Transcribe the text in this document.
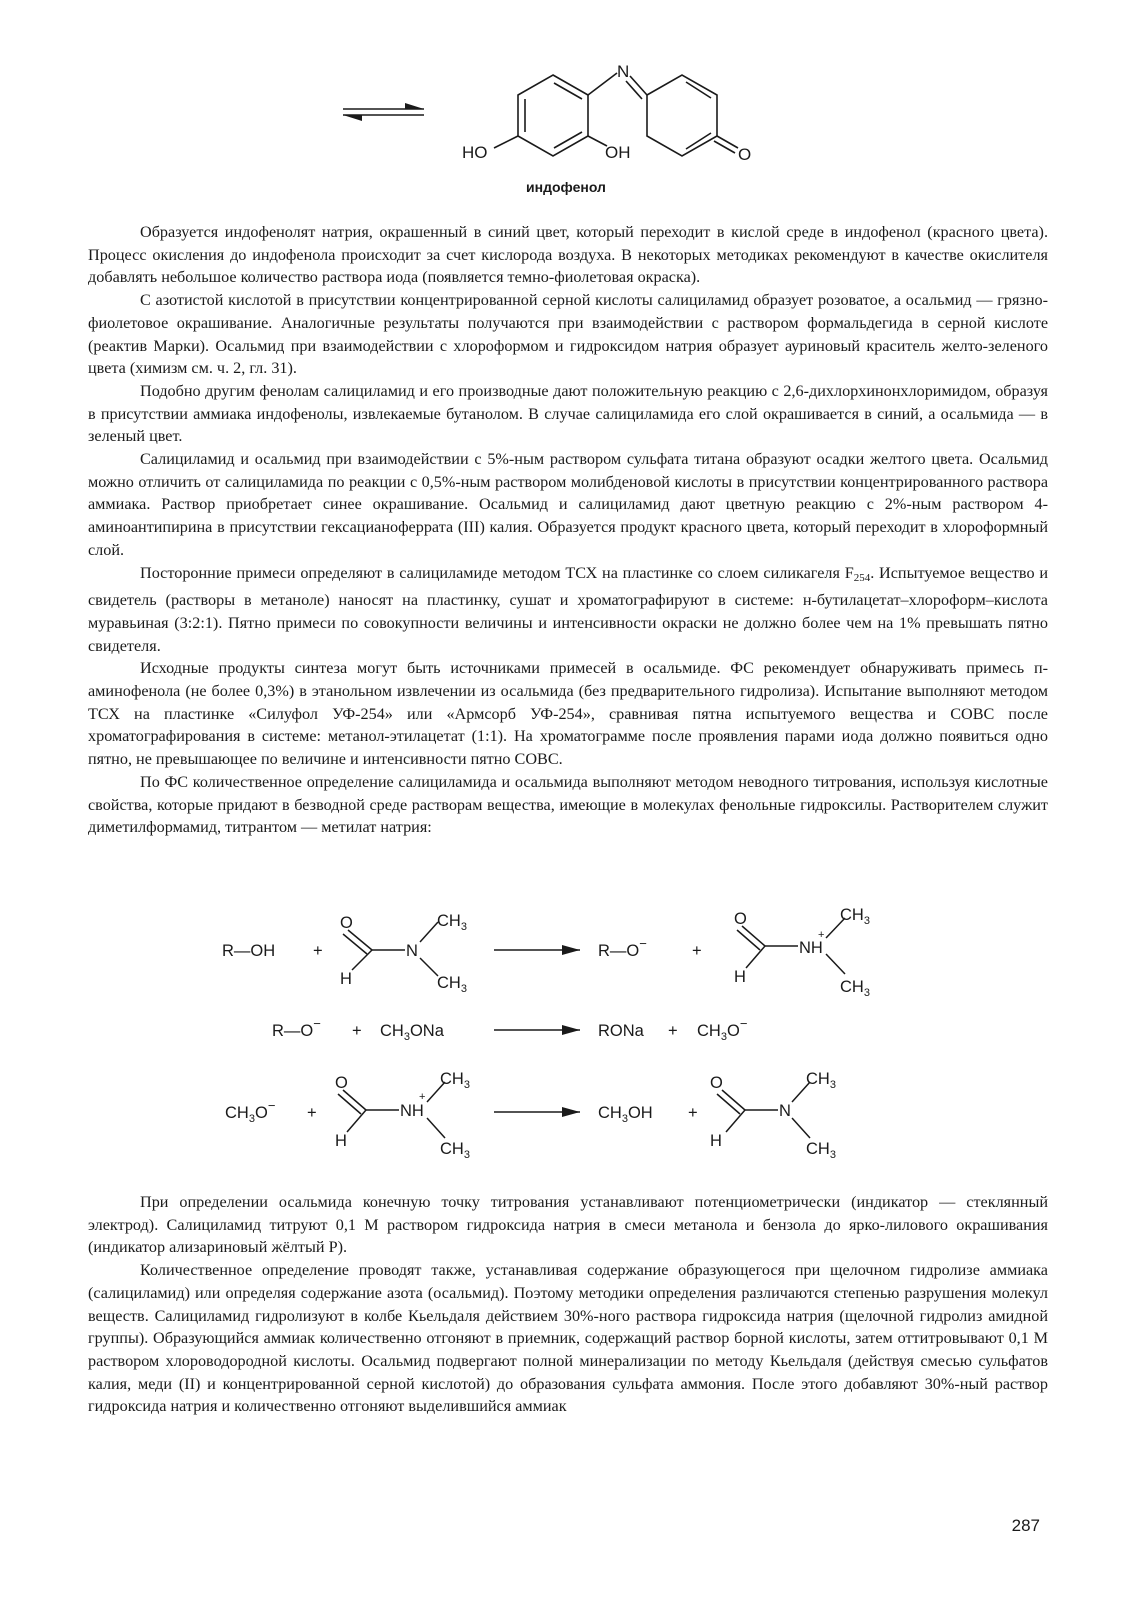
N
HO	OH	O
индофенол

Образуется индофенолят натрия, окрашенный в синий цвет, который переходит в кислой среде в индофенол (красного цвета). Процесс окисления до индофенола происходит за счет кислорода воздуха. В некоторых методиках рекомендуют в качестве окислителя добавлять небольшое количество раствора иода (появляется темно-фиолетовая окраска).

С азотистой кислотой в присутствии концентрированной серной кислоты салициламид образует розоватое, а осальмид — грязно-фиолетовое окрашивание. Аналогичные результаты получаются при взаимодействии с раствором формальдегида в серной кислоте (реактив Марки). Осальмид при взаимодействии с хлороформом и гидроксидом натрия образует ауриновый краситель желто-зеленого цвета (химизм см. ч. 2, гл. 31).

Подобно другим фенолам салициламид и его производные дают положительную реакцию с 2,6-дихлорхинонхлоримидом, образуя в присутствии аммиака индофенолы, извлекаемые бутанолом. В случае салициламида его слой окрашивается в синий, а осальмида — в зеленый цвет.

Салициламид и осальмид при взаимодействии с 5%-ным раствором сульфата титана образуют осадки желтого цвета. Осальмид можно отличить от салициламида по реакции с 0,5%-ным раствором молибденовой кислоты в присутствии концентрированного раствора аммиака. Раствор приобретает синее окрашивание. Осальмид и салициламид дают цветную реакцию с 2%-ным раствором 4-аминоантипирина в присутствии гексацианоферрата (III) калия. Образуется продукт красного цвета, который переходит в хлороформный слой.

Посторонние примеси определяют в салициламиде методом ТСХ на пластинке со слоем силикагеля $F_{254}$. Испытуемое вещество и свидетель (растворы в метаноле) наносят на пластинку, сушат и хроматографируют в системе: н-бутилацетат–хлороформ–кислота муравьиная (3:2:1). Пятно примеси по совокупности величины и интенсивности окраски не должно более чем на 1% превышать пятно свидетеля.

Исходные продукты синтеза могут быть источниками примесей в осальмиде. ФС рекомендует обнаруживать примесь п-аминофенола (не более 0,3%) в этанольном извлечении из осальмида (без предварительного гидролиза). Испытание выполняют методом ТСХ на пластинке «Силуфол УФ-254» или «Армсорб УФ-254», сравнивая пятна испытуемого вещества и СОВС после хроматографирования в системе: метанол-этилацетат (1:1). На хроматограмме после проявления парами иода должно появиться одно пятно, не превышающее по величине и интенсивности пятно СОВС.

По ФС количественное определение салициламида и осальмида выполняют методом неводного титрования, используя кислотные свойства, которые придают в безводной среде растворам вещества, имеющие в молекулах фенольные гидроксилы. Растворителем служит диметилформамид, титрантом — метилат натрия:

R—OH +
O
H
N
$CH_3$
$CH_3$
R—O−	+
O
H
NH
+
$CH_3$
$CH_3$
R—O− + $CH_3ONa$	RONa + $CH_3O^-$
$CH_3O^-$ +
O
H
NH
+
$CH_3$
$CH_3$
$CH_3OH$ +
O
H
N
$CH_3$
$CH_3$

При определении осальмида конечную точку титрования устанавливают потенциометрически (индикатор — стеклянный электрод). Салициламид титруют 0,1 М раствором гидроксида натрия в смеси метанола и бензола до ярко-лилового окрашивания (индикатор ализариновый жёлтый Р).

Количественное определение проводят также, устанавливая содержание образующегося при щелочном гидролизе аммиака (салициламид) или определяя содержание азота (осальмид). Поэтому методики определения различаются степенью разрушения молекул веществ. Салициламид гидролизуют в колбе Кьельдаля действием 30%-ного раствора гидроксида натрия (щелочной гидролиз амидной группы). Образующийся аммиак количественно отгоняют в приемник, содержащий раствор борной кислоты, затем оттитровывают 0,1 М раствором хлороводородной кислоты. Осальмид подвергают полной минерализации по методу Кьельдаля (действуя смесью сульфатов калия, меди (II) и концентрированной серной кислотой) до образования сульфата аммония. После этого добавляют 30%-ный раствор гидроксида натрия и количественно отгоняют выделившийся аммиак

287
